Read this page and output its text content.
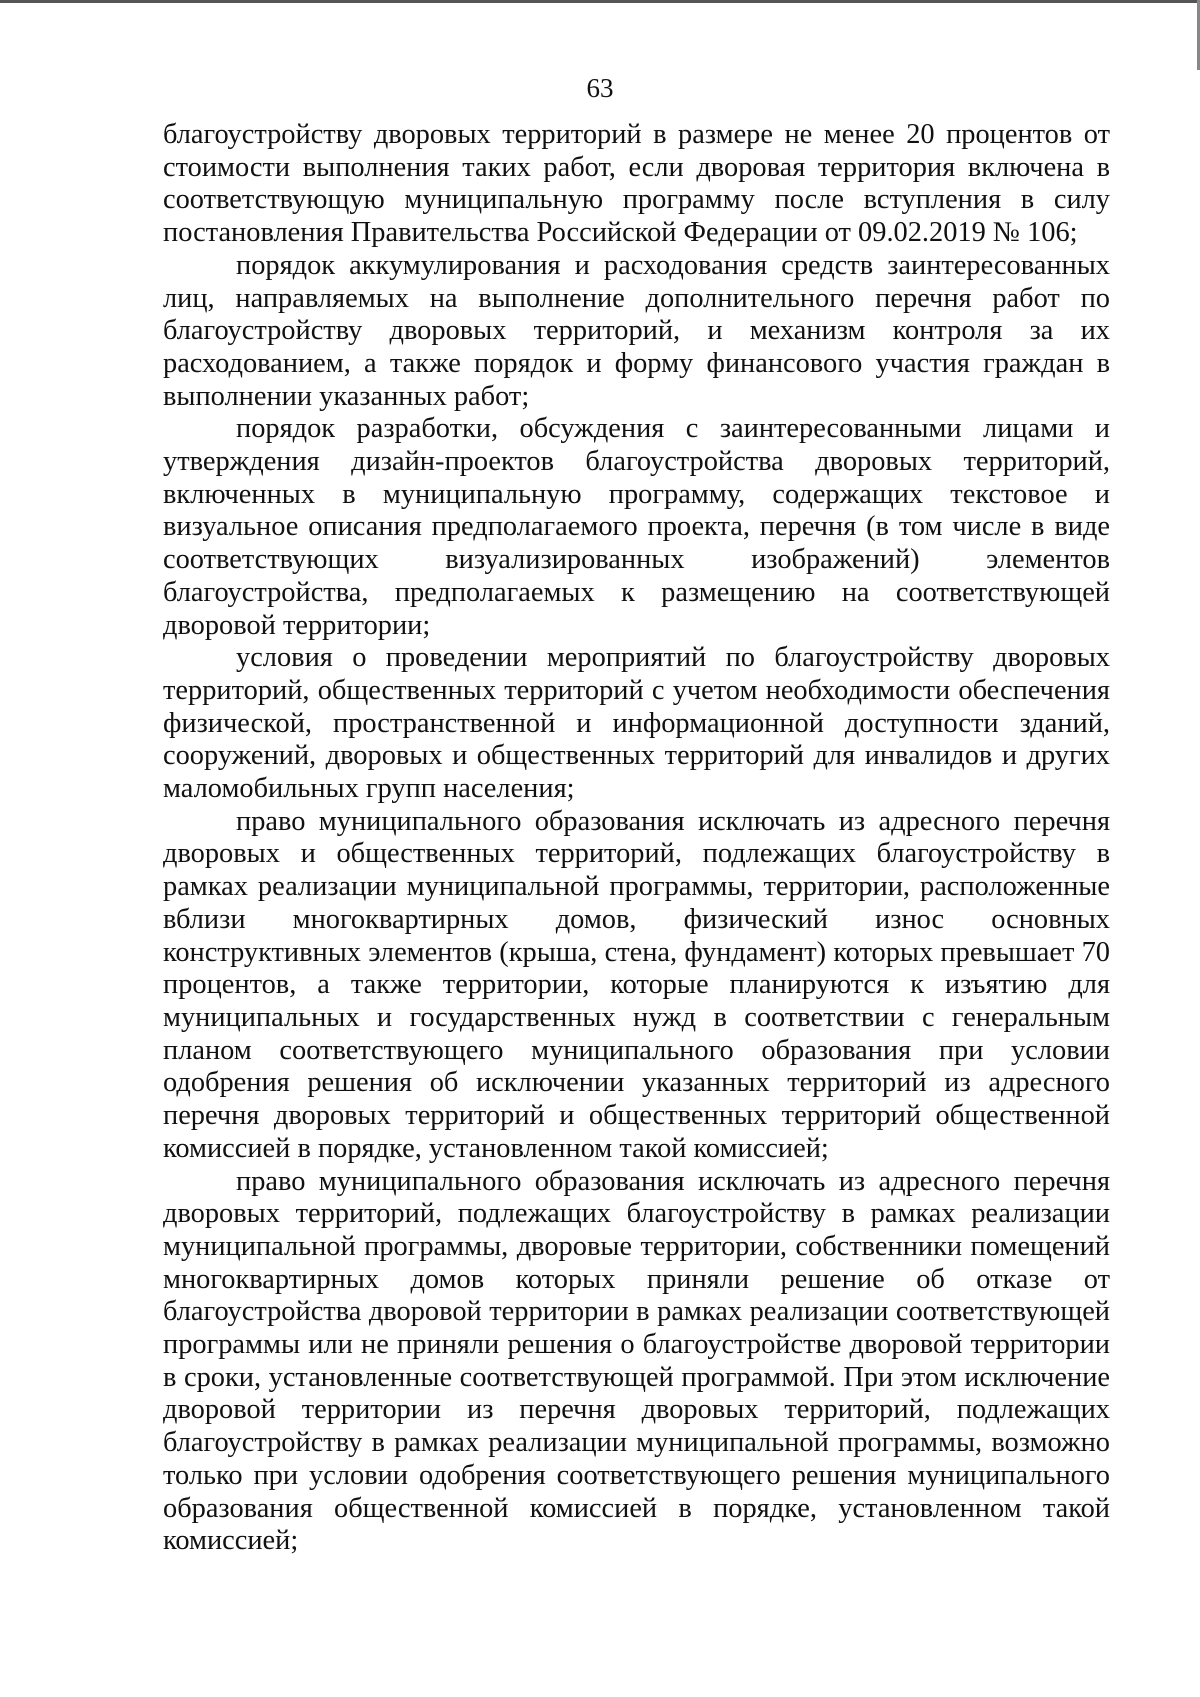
63

благоустройству дворовых территорий в размере не менее 20 процентов от стоимости выполнения таких работ, если дворовая территория включена в соответствующую муниципальную программу после вступления в силу постановления Правительства Российской Федерации от 09.02.2019 № 106;

порядок аккумулирования и расходования средств заинтересованных лиц, направляемых на выполнение дополнительного перечня работ по благоустройству дворовых территорий, и механизм контроля за их расходованием, а также порядок и форму финансового участия граждан в выполнении указанных работ;

порядок разработки, обсуждения с заинтересованными лицами и утверждения дизайн-проектов благоустройства дворовых территорий, включенных в муниципальную программу, содержащих текстовое и визуальное описания предполагаемого проекта, перечня (в том числе в виде соответствующих визуализированных изображений) элементов благоустройства, предполагаемых к размещению на соответствующей дворовой территории;

условия о проведении мероприятий по благоустройству дворовых территорий, общественных территорий с учетом необходимости обеспечения физической, пространственной и информационной доступности зданий, сооружений, дворовых и общественных территорий для инвалидов и других маломобильных групп населения;

право муниципального образования исключать из адресного перечня дворовых и общественных территорий, подлежащих благоустройству в рамках реализации муниципальной программы, территории, расположенные вблизи многоквартирных домов, физический износ основных конструктивных элементов (крыша, стена, фундамент) которых превышает 70 процентов, а также территории, которые планируются к изъятию для муниципальных и государственных нужд в соответствии с генеральным планом соответствующего муниципального образования при условии одобрения решения об исключении указанных территорий из адресного перечня дворовых территорий и общественных территорий общественной комиссией в порядке, установленном такой комиссией;

право муниципального образования исключать из адресного перечня дворовых территорий, подлежащих благоустройству в рамках реализации муниципальной программы, дворовые территории, собственники помещений многоквартирных домов которых приняли решение об отказе от благоустройства дворовой территории в рамках реализации соответствующей программы или не приняли решения о благоустройстве дворовой территории в сроки, установленные соответствующей программой. При этом исключение дворовой территории из перечня дворовых территорий, подлежащих благоустройству в рамках реализации муниципальной программы, возможно только при условии одобрения соответствующего решения муниципального образования общественной комиссией в порядке, установленном такой комиссией;
